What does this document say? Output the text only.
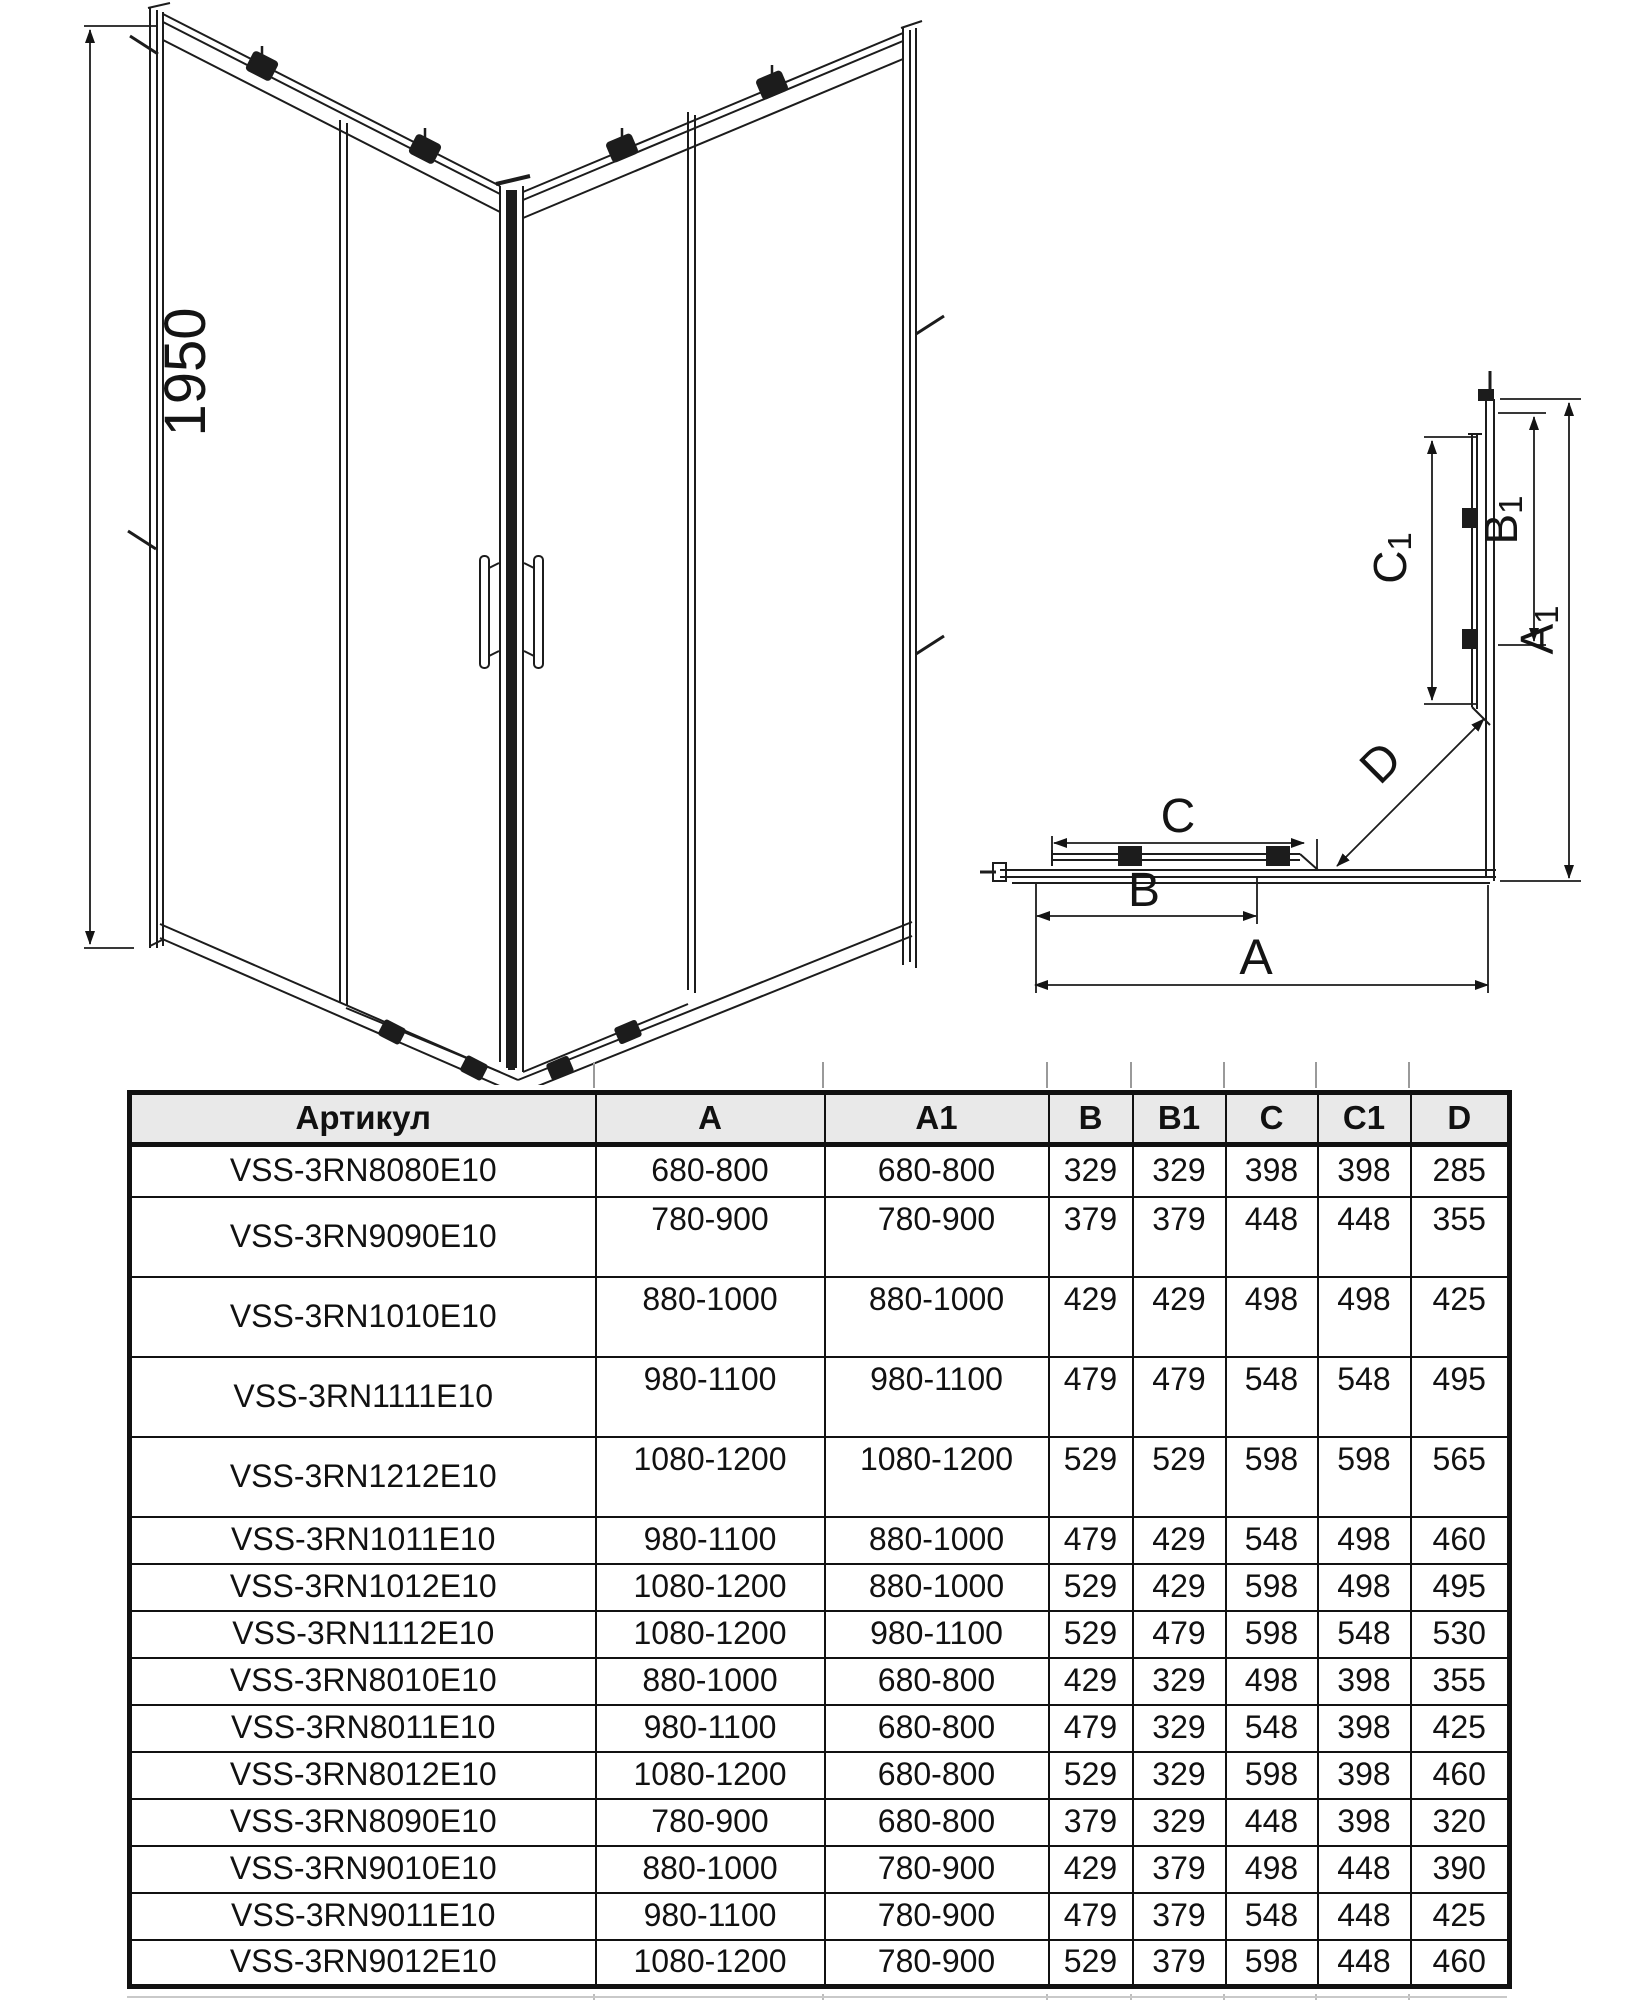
1950
C1 B1
A1
D
C
B
A
Артикул	A	A1	B	B1	C	C1	D
VSS-3RN8080E10	680-800	680-800	329	329	398	398	285
VSS-3RN9090E10	780-900	780-900	379	379	448	448	355
VSS-3RN1010E10	880-1000	880-1000	429	429	498	498	425
VSS-3RN1111E10	980-1100	980-1100	479	479	548	548	495
VSS-3RN1212E10	1080-1200	1080-1200	529	529	598	598	565
VSS-3RN1011E10	980-1100	880-1000	479	429	548	498	460
VSS-3RN1012E10	1080-1200	880-1000	529	429	598	498	495
VSS-3RN1112E10	1080-1200	980-1100	529	479	598	548	530
VSS-3RN8010E10	880-1000	680-800	429	329	498	398	355
VSS-3RN8011E10	980-1100	680-800	479	329	548	398	425
VSS-3RN8012E10	1080-1200	680-800	529	329	598	398	460
VSS-3RN8090E10	780-900	680-800	379	329	448	398	320
VSS-3RN9010E10	880-1000	780-900	429	379	498	448	390
VSS-3RN9011E10	980-1100	780-900	479	379	548	448	425
VSS-3RN9012E10	1080-1200	780-900	529	379	598	448	460
